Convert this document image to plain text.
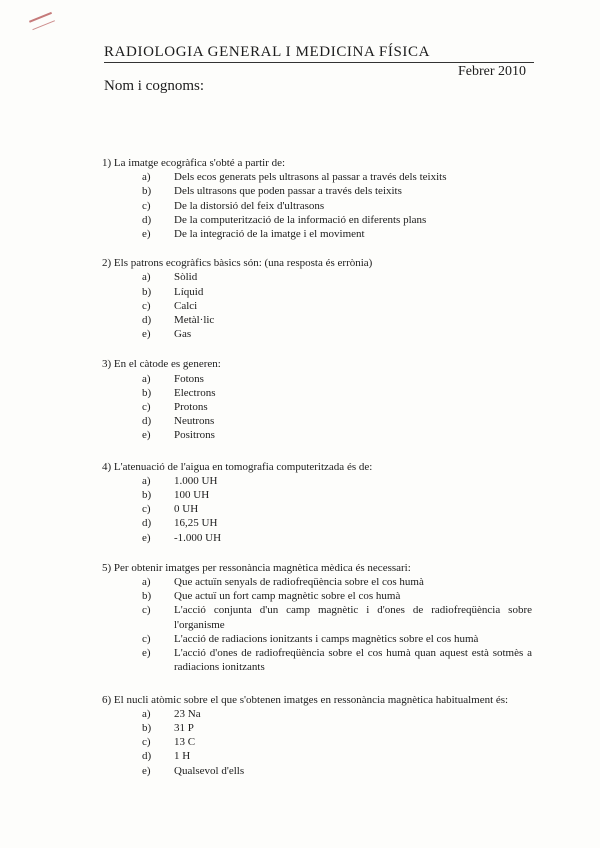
RADIOLOGIA GENERAL I MEDICINA FÍSICA
Febrer 2010
Nom i cognoms:
1) La imatge ecogràfica s'obté a partir de:
a)	Dels ecos generats pels ultrasons al passar a través dels teixits
b)	Dels ultrasons que poden passar a través dels teixits
c)	De la distorsió del feix d'ultrasons
d)	De la computerització de la informació en diferents plans
e)	De la integració de la imatge i el moviment
2) Els patrons ecogràfics bàsics són: (una resposta és errònia)
a)	Sòlid
b)	Líquid
c)	Calci
d)	Metàl·lic
e)	Gas
3) En el càtode es generen:
a)	Fotons
b)	Electrons
c)	Protons
d)	Neutrons
e)	Positrons
4) L'atenuació de l'aigua en tomografia computeritzada és de:
a)	1.000 UH
b)	100 UH
c)	0 UH
d)	16,25 UH
e)	-1.000 UH
5) Per obtenir imatges per ressonància magnètica mèdica és necessari:
a)	Que actuïn senyals de radiofreqüència sobre el cos humà
b)	Que actuï un fort camp magnètic sobre el cos humà
c)	L'acció conjunta d'un camp magnètic i d'ones de radiofreqüència sobre l'organisme
c)	L'acció de radiacions ionitzants i camps magnètics sobre el cos humà
e)	L'acció d'ones de radiofreqüència sobre el cos humà quan aquest està sotmès a radiacions ionitzants
6) El nucli atòmic sobre el que s'obtenen imatges en ressonància magnètica habitualment és:
a)	23 Na
b)	31 P
c)	13 C
d)	1 H
e)	Qualsevol d'ells
